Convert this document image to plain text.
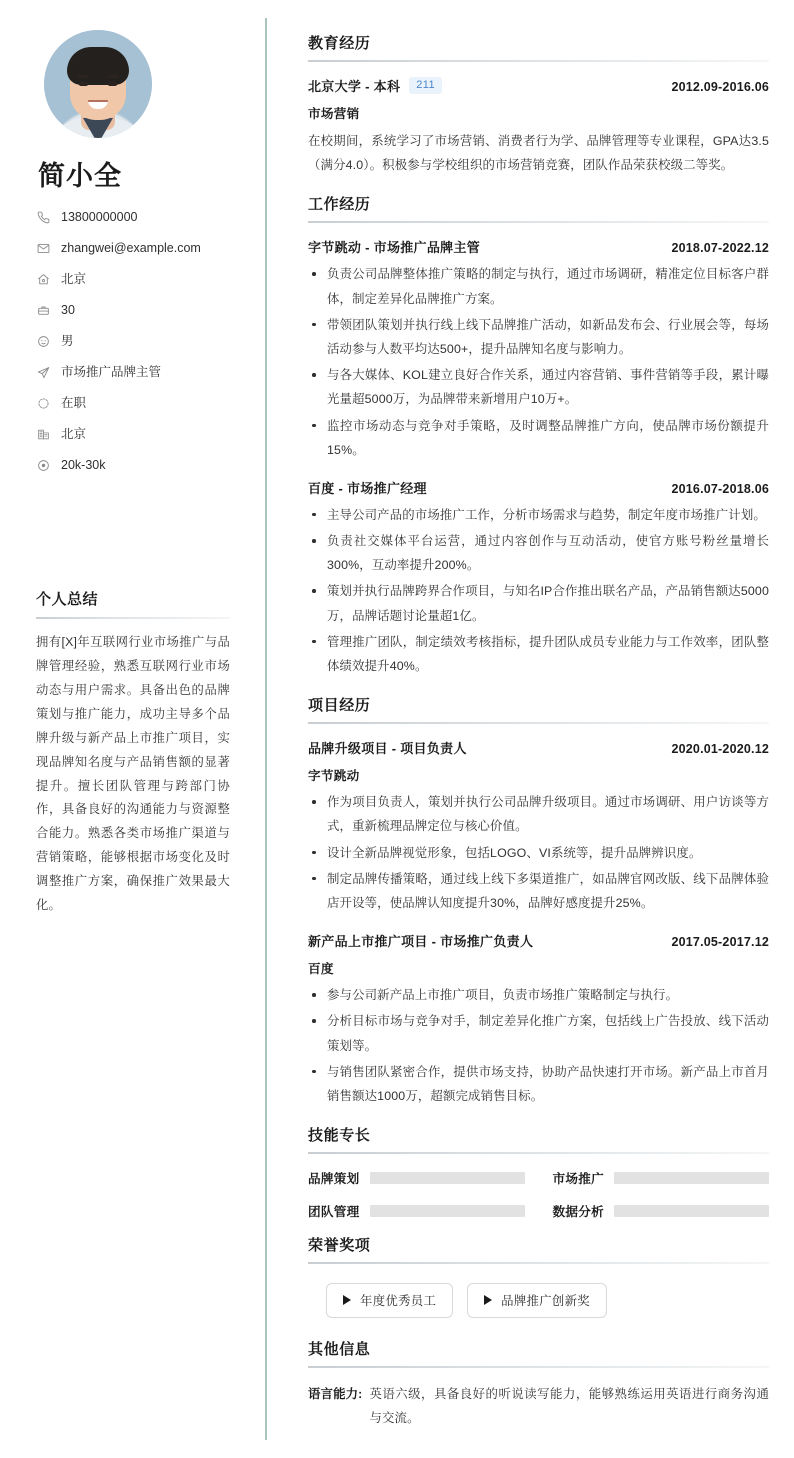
简小全
13800000000
zhangwei@example.com
北京
30
男
市场推广品牌主管
在职
北京
20k-30k
个人总结

拥有[X]年互联网行业市场推广与品牌管理经验，熟悉互联网行业市场动态与用户需求。具备出色的品牌策划与推广能力，成功主导多个品牌升级与新产品上市推广项目，实现品牌知名度与产品销售额的显著提升。擅长团队管理与跨部门协作，具备良好的沟通能力与资源整合能力。熟悉各类市场推广渠道与营销策略，能够根据市场变化及时调整推广方案，确保推广效果最大化。

教育经历
北京大学 - 本科	211	2012.09-2016.06
市场营销

在校期间，系统学习了市场营销、消费者行为学、品牌管理等专业课程，GPA达3.5（满分4.0）。积极参与学校组织的市场营销竞赛，团队作品荣获校级二等奖。

工作经历
字节跳动 - 市场推广品牌主管	2018.07-2022.12
负责公司品牌整体推广策略的制定与执行，通过市场调研，精准定位目标客户群体，制定差异化品牌推广方案。
带领团队策划并执行线上线下品牌推广活动，如新品发布会、行业展会等，每场活动参与人数平均达500+，提升品牌知名度与影响力。
与各大媒体、KOL建立良好合作关系，通过内容营销、事件营销等手段，累计曝光量超5000万，为品牌带来新增用户10万+。
监控市场动态与竞争对手策略，及时调整品牌推广方向，使品牌市场份额提升15%。
百度 - 市场推广经理	2016.07-2018.06
主导公司产品的市场推广工作，分析市场需求与趋势，制定年度市场推广计划。
负责社交媒体平台运营，通过内容创作与互动活动，使官方账号粉丝量增长300%，互动率提升200%。
策划并执行品牌跨界合作项目，与知名IP合作推出联名产品，产品销售额达5000万，品牌话题讨论量超1亿。
管理推广团队，制定绩效考核指标，提升团队成员专业能力与工作效率，团队整体绩效提升40%。
项目经历
品牌升级项目 - 项目负责人	2020.01-2020.12
字节跳动
作为项目负责人，策划并执行公司品牌升级项目。通过市场调研、用户访谈等方式，重新梳理品牌定位与核心价值。
设计全新品牌视觉形象，包括LOGO、VI系统等，提升品牌辨识度。
制定品牌传播策略，通过线上线下多渠道推广，如品牌官网改版、线下品牌体验店开设等，使品牌认知度提升30%，品牌好感度提升25%。
新产品上市推广项目 - 市场推广负责人	2017.05-2017.12
百度
参与公司新产品上市推广项目，负责市场推广策略制定与执行。
分析目标市场与竞争对手，制定差异化推广方案，包括线上广告投放、线下活动策划等。
与销售团队紧密合作，提供市场支持，协助产品快速打开市场。新产品上市首月销售额达1000万，超额完成销售目标。
技能专长
品牌策划	市场推广
团队管理	数据分析
荣誉奖项
年度优秀员工	品牌推广创新奖
其他信息
语言能力: 英语六级，具备良好的听说读写能力，能够熟练运用英语进行商务沟通与交流。
